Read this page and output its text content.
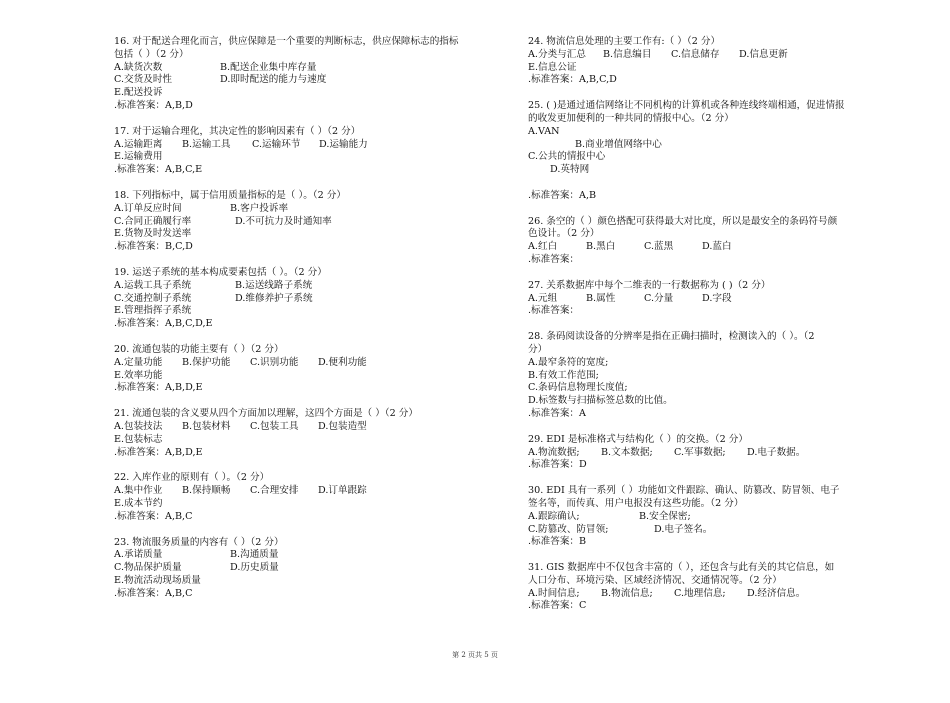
16. 对于配送合理化而言，供应保障是一个重要的判断标志，供应保障标志的指标
包括（ ）（2 分）
A.缺货次数	B.配送企业集中库存量
C.交货及时性	D.即时配送的能力与速度
E.配送投诉
.标准答案：A,B,D
17. 对于运输合理化，其决定性的影响因素有（ ）（2 分）
A.运输距离 B.运输工具 C.运输环节 D.运输能力
E.运输费用
.标准答案：A,B,C,E
18. 下列指标中，属于信用质量指标的是（ ）。（2 分）
A.订单反应时间	B.客户投诉率
C.合同正确履行率	D.不可抗力及时通知率
E.货物及时发送率
.标准答案：B,C,D
19. 运送子系统的基本构成要素包括（ ）。（2 分）
A.运载工具子系统	B.运送线路子系统
C.交通控制子系统	D.维修养护子系统
E.管理指挥子系统
.标准答案：A,B,C,D,E
20. 流通包装的功能主要有（ ）（2 分）
A.定量功能 B.保护功能 C.识别功能 D.便利功能
E.效率功能
.标准答案：A,B,D,E
21. 流通包装的含义要从四个方面加以理解，这四个方面是（ ）（2 分）
A.包装技法 B.包装材料 C.包装工具 D.包装造型
E.包装标志
.标准答案：A,B,D,E
22. 入库作业的原则有（ ）。（2 分）
A.集中作业 B.保持顺畅 C.合理安排 D.订单跟踪
E.成本节约
.标准答案：A,B,C
23. 物流服务质量的内容有（ ）（2 分）
A.承诺质量	B.沟通质量
C.物品保护质量	D.历史质量
E.物流活动现场质量
.标准答案：A,B,C
24. 物流信息处理的主要工作有:（ ）（2 分）
A.分类与汇总 B.信息编目 C.信息储存 D.信息更新
E.信息公证
.标准答案：A,B,C,D
25. ( )是通过通信网络让不同机构的计算机或各种连线终端相通，促进情报
的收发更加便利的一种共同的情报中心。（2 分）
A.VAN
B.商业增值网络中心
C.公共的情报中心
D.英特网

.标准答案：A,B
26. 条空的（ ）颜色搭配可获得最大对比度，所以是最安全的条码符号颜
色设计。（2 分）
A.红白	B.黑白	C.蓝黑	D.蓝白
.标准答案：
27. 关系数据库中每个二维表的一行数据称为 ( )（2 分）
A.元组	B.属性	C.分量	D.字段
.标准答案：
28. 条码阅读设备的分辨率是指在正确扫描时，检测读入的（ ）。（2
分）
A.最窄条符的宽度;
B.有效工作范围;
C.条码信息物理长度值;
D.标签数与扫描标签总数的比值。
.标准答案：A
29. EDI 是标准格式与结构化（ ）的交换。（2 分）
A.物流数据; B.文本数据; C.军事数据; D.电子数据。
.标准答案：D
30. EDI 具有一系列（ ）功能如文件跟踪、确认、防篡改、防冒领、电子
签名等，而传真、用户电报没有这些功能。（2 分）
A.跟踪确认;	B.安全保密;
C.防篡改、防冒领;	D.电子签名。
.标准答案：B
31. GIS 数据库中不仅包含丰富的（ ），还包含与此有关的其它信息，如
人口分布、环境污染、区域经济情况、交通情况等。（2 分）
A.时间信息; B.物流信息; C.地理信息; D.经济信息。
.标准答案：C
第 2 页共 5 页
